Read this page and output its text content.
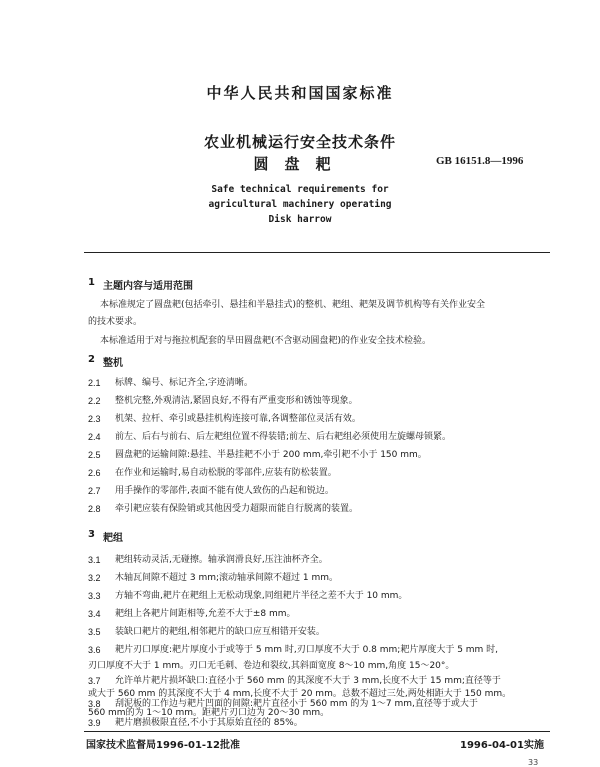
中华人民共和国国家标准
农业机械运行安全技术条件
圆盘耙	GB 16151.8—1996
Safe technical requirements for
agricultural machinery operating
Disk harrow
1 主题内容与适用范围
本标准规定了圆盘耙(包括牵引、悬挂和半悬挂式)的整机、耙组、耙架及调节机构等有关作业安全
的技术要求。
本标准适用于对与拖拉机配套的旱田圆盘耙(不含驱动圆盘耙)的作业安全技术检验。
2 整机
2.1 标牌、编号、标记齐全,字迹清晰。
2.2 整机完整,外观清洁,紧固良好,不得有严重变形和锈蚀等现象。
2.3 机架、拉杆、牵引或悬挂机构连接可靠,各调整部位灵活有效。
2.4 前左、后右与前右、后左耙组位置不得装错;前左、后右耙组必须使用左旋螺母锁紧。
2.5 圆盘耙的运输间隙:悬挂、半悬挂耙不小于 200 mm,牵引耙不小于 150 mm。
2.6 在作业和运输时,易自动松脱的零部件,应装有防松装置。
2.7 用手操作的零部件,表面不能有使人致伤的凸起和锐边。
2.8 牵引耙应装有保险销或其他因受力超限而能自行脱离的装置。
3 耙组
3.1 耙组转动灵活,无碰擦。轴承润滑良好,压注油杯齐全。
3.2 木轴瓦间隙不超过 3 mm;滚动轴承间隙不超过 1 mm。
3.3 方轴不弯曲,耙片在耙组上无松动现象,同组耙片半径之差不大于 10 mm。
3.4 耙组上各耙片间距相等,允差不大于±8 mm。
3.5 装缺口耙片的耙组,相邻耙片的缺口应互相错开安装。
3.6 耙片刃口厚度:耙片厚度小于或等于 5 mm 时,刃口厚度不大于 0.8 mm;耙片厚度大于 5 mm 时,
刃口厚度不大于 1 mm。刃口无毛刺、卷边和裂纹,其斜面宽度 8～10 mm,角度 15～20°。
3.7 允许单片耙片损坏缺口:直径小于 560 mm 的其深度不大于 3 mm,长度不大于 15 mm;直径等于
或大于 560 mm 的其深度不大于 4 mm,长度不大于 20 mm。总数不超过三处,两处相距大于 150 mm。
3.8 刮泥板的工作边与耙片凹面的间隙:耙片直径小于 560 mm 的为 1～7 mm,直径等于或大于
560 mm的为 1～10 mm。距耙片刃口边为 20～30 mm。
3.9 耙片磨损极限直径,不小于其原始直径的 85%。
国家技术监督局1996-01-12批准	1996-04-01实施
33
